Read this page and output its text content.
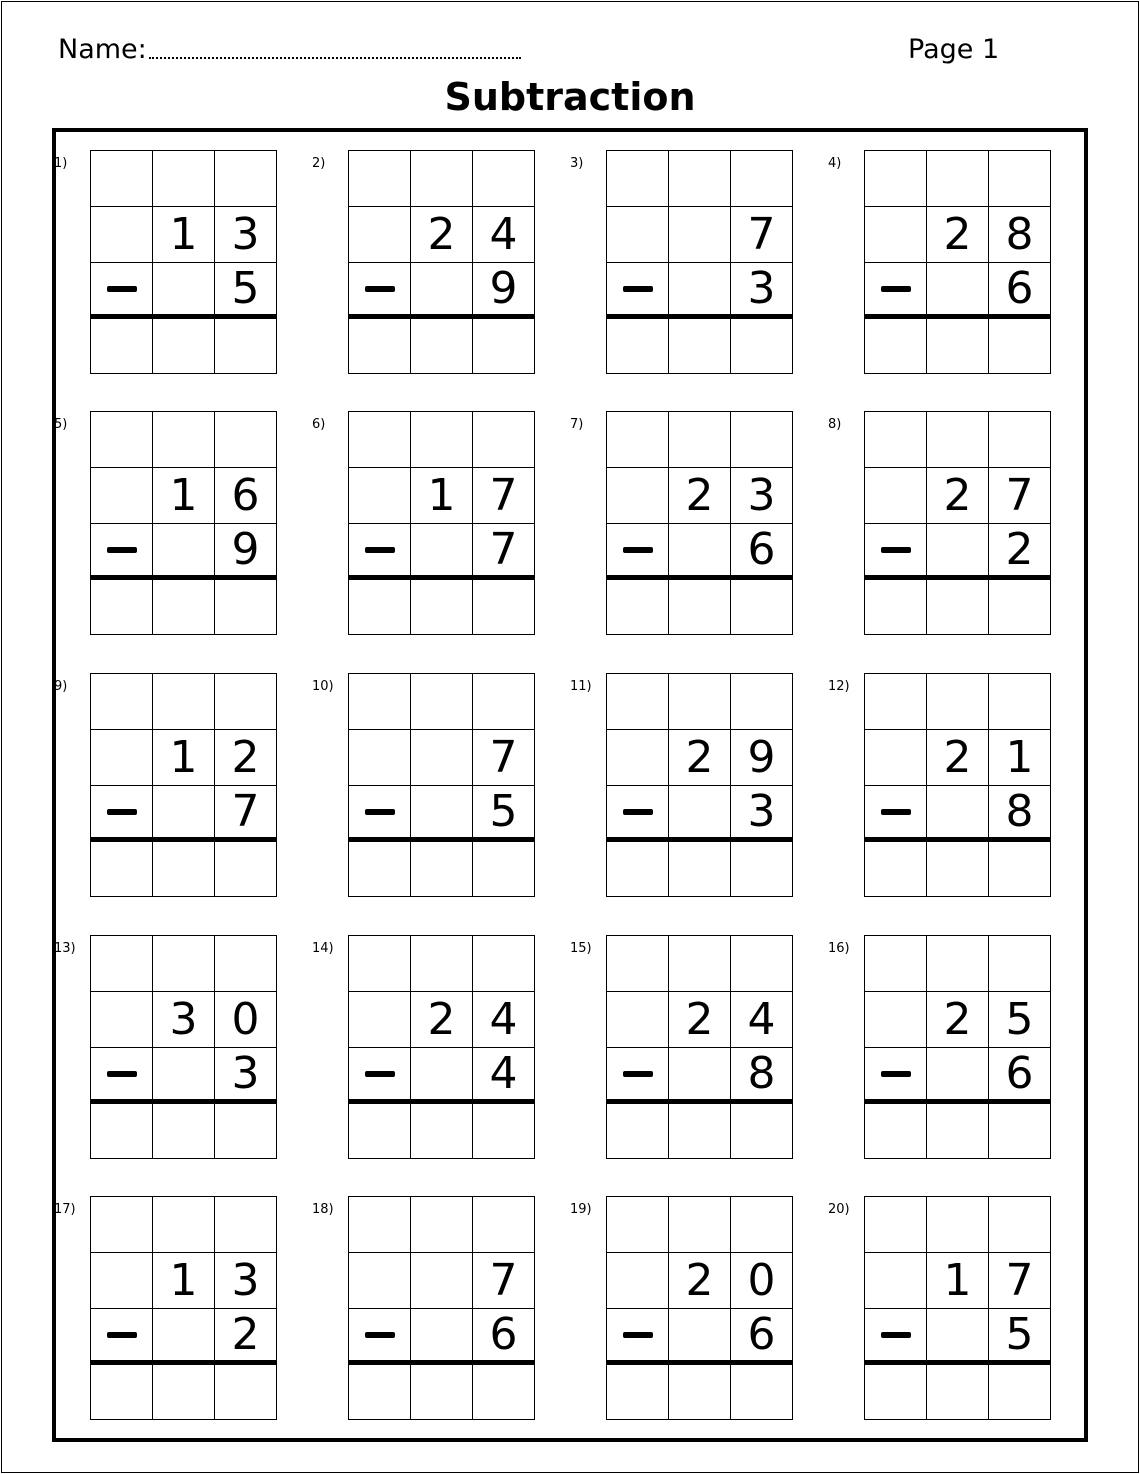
Name:	Page 1
Subtraction
1)
1 3
5
2)
2 4
9
3)
7
3
4)
2 8
6
5)
1 6
9
6)
1 7
7
7)
2 3
6
8)
2 7
2
9)
1 2
7
10)
7
5
11)
2 9
3
12)
2 1
8
13)
3 0
3
14)
2 4
4
15)
2 4
8
16)
2 5
6
17)
1 3
2
18)
7
6
19)
2 0
6
20)
1 7
5
